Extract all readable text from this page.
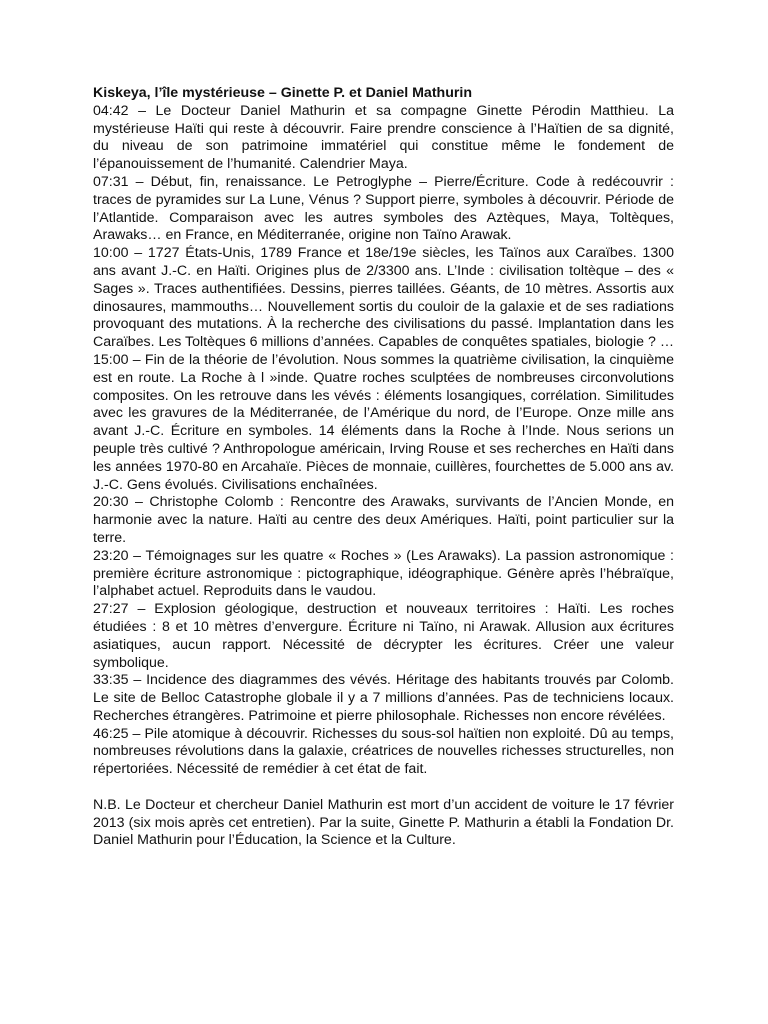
Kiskeya, l’île mystérieuse – Ginette P. et Daniel Mathurin

04:42 – Le Docteur Daniel Mathurin et sa compagne Ginette Pérodin Matthieu. La mystérieuse Haïti qui reste à découvrir. Faire prendre conscience à l’Haïtien de sa dignité, du niveau de son patrimoine immatériel qui constitue même le fondement de l’épanouissement de l’humanité. Calendrier Maya.

07:31 – Début, fin, renaissance. Le Petroglyphe – Pierre/Écriture. Code à redécouvrir : traces de pyramides sur La Lune, Vénus ? Support pierre, symboles à découvrir. Période de l’Atlantide. Comparaison avec les autres symboles des Aztèques, Maya, Toltèques, Arawaks… en France, en Méditerranée, origine non Taïno Arawak.

10:00 – 1727 États-Unis, 1789 France et 18e/19e siècles, les Taïnos aux Caraïbes. 1300 ans avant J.-C. en Haïti. Origines plus de 2/3300 ans. L’Inde : civilisation toltèque – des « Sages ». Traces authentifiées. Dessins, pierres taillées. Géants, de 10 mètres. Assortis aux dinosaures, mammouths… Nouvellement sortis du couloir de la galaxie et de ses radiations provoquant des mutations. À la recherche des civilisations du passé. Implantation dans les Caraïbes. Les Toltèques 6 millions d’années. Capables de conquêtes spatiales, biologie ? …

15:00 – Fin de la théorie de l’évolution. Nous sommes la quatrième civilisation, la cinquième est en route. La Roche à l »inde. Quatre roches sculptées de nombreuses circonvolutions composites. On les retrouve dans les vévés : éléments losangiques, corrélation. Similitudes avec les gravures de la Méditerranée, de l’Amérique du nord, de l’Europe. Onze mille ans avant J.-C. Écriture en symboles. 14 éléments dans la Roche à l’Inde. Nous serions un peuple très cultivé ? Anthropologue américain, Irving Rouse et ses recherches en Haïti dans les années 1970-80 en Arcahaïe. Pièces de monnaie, cuillères, fourchettes de 5.000 ans av. J.-C. Gens évolués. Civilisations enchaînées.

20:30 – Christophe Colomb : Rencontre des Arawaks, survivants de l’Ancien Monde, en harmonie avec la nature. Haïti au centre des deux Amériques. Haïti, point particulier sur la terre.

23:20 – Témoignages sur les quatre « Roches » (Les Arawaks). La passion astronomique : première écriture astronomique : pictographique, idéographique. Génère après l’hébraïque, l’alphabet actuel. Reproduits dans le vaudou.

27:27 – Explosion géologique, destruction et nouveaux territoires : Haïti. Les roches étudiées : 8 et 10 mètres d’envergure. Écriture ni Taïno, ni Arawak. Allusion aux écritures asiatiques, aucun rapport. Nécessité de décrypter les écritures. Créer une valeur symbolique.

33:35 – Incidence des diagrammes des vévés. Héritage des habitants trouvés par Colomb. Le site de Belloc Catastrophe globale il y a 7 millions d’années. Pas de techniciens locaux. Recherches étrangères. Patrimoine et pierre philosophale. Richesses non encore révélées.

46:25 – Pile atomique à découvrir. Richesses du sous-sol haïtien non exploité. Dû au temps, nombreuses révolutions dans la galaxie, créatrices de nouvelles richesses structurelles, non répertoriées. Nécessité de remédier à cet état de fait.

N.B. Le Docteur et chercheur Daniel Mathurin est mort d’un accident de voiture le 17 février 2013 (six mois après cet entretien). Par la suite, Ginette P. Mathurin a établi la Fondation Dr. Daniel Mathurin pour l’Éducation, la Science et la Culture.
